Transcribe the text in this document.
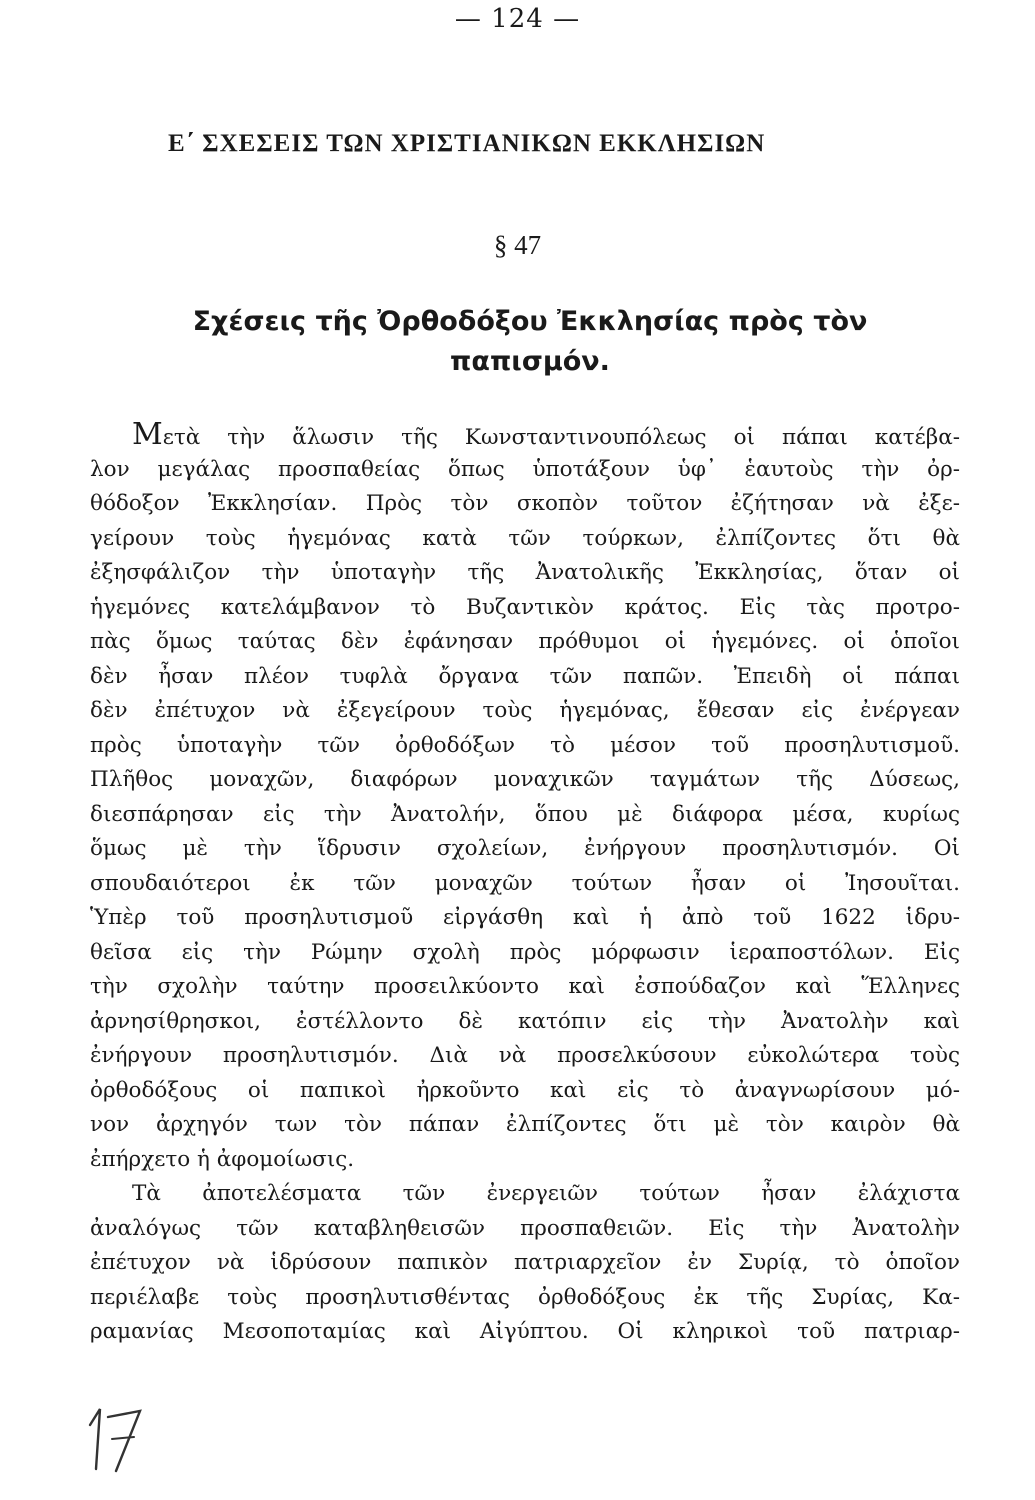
— 124 —
Ε΄ ΣΧΕΣΕΙΣ ΤΩΝ ΧΡΙΣΤΙΑΝΙΚΩΝ ΕΚΚΛΗΣΙΩΝ
§ 47
Σχέσεις τῆς Ὀρθοδόξου Ἐκκλησίας πρὸς τὸν
παπισμόν.
Μετὰ τὴν ἅλωσιν τῆς Κωνσταντινουπόλεως οἱ πάπαι κατέβα-
λον μεγάλας προσπαθείας ὅπως ὑποτάξουν ὑφ᾿ ἑαυτοὺς τὴν ὀρ-
θόδοξον Ἐκκλησίαν. Πρὸς τὸν σκοπὸν τοῦτον ἐζήτησαν νὰ ἐξε-
γείρουν τοὺς ἡγεμόνας κατὰ τῶν τούρκων, ἐλπίζοντες ὅτι θὰ
ἐξησφάλιζον τὴν ὑποταγὴν τῆς Ἀνατολικῆς Ἐκκλησίας, ὅταν οἱ
ἡγεμόνες κατελάμβανον τὸ Βυζαντικὸν κράτος. Εἰς τὰς προτρο-
πὰς ὅμως ταύτας δὲν ἐφάνησαν πρόθυμοι οἱ ἡγεμόνες. οἱ ὁποῖοι
δὲν ἦσαν πλέον τυφλὰ ὄργανα τῶν παπῶν. Ἐπειδὴ οἱ πάπαι
δὲν ἐπέτυχον νὰ ἐξεγείρουν τοὺς ἡγεμόνας, ἔθεσαν εἰς ἐνέργεαν
πρὸς ὑποταγὴν τῶν ὀρθοδόξων τὸ μέσον τοῦ προσηλυτισμοῦ.
Πλῆθος μοναχῶν, διαφόρων μοναχικῶν ταγμάτων τῆς Δύσεως,
διεσπάρησαν εἰς τὴν Ἀνατολήν, ὅπου μὲ διάφορα μέσα, κυρίως
ὅμως μὲ τὴν ἵδρυσιν σχολείων, ἐνήργουν προσηλυτισμόν. Οἱ
σπουδαιότεροι ἐκ τῶν μοναχῶν τούτων ἦσαν οἱ Ἰησουῖται.
Ὑπὲρ τοῦ προσηλυτισμοῦ εἰργάσθη καὶ ἡ ἀπὸ τοῦ 1622 ἱδρυ-
θεῖσα εἰς τὴν Ρώμην σχολὴ πρὸς μόρφωσιν ἱεραποστόλων. Εἰς
τὴν σχολὴν ταύτην προσειλκύοντο καὶ ἐσπούδαζον καὶ Ἕλληνες
ἀρνησίθρησκοι, ἐστέλλοντο δὲ κατόπιν εἰς τὴν Ἀνατολὴν καὶ
ἐνήργουν προσηλυτισμόν. Διὰ νὰ προσελκύσουν εὐκολώτερα τοὺς
ὀρθοδόξους οἱ παπικοὶ ἠρκοῦντο καὶ εἰς τὸ ἀναγνωρίσουν μό-
νον ἀρχηγόν των τὸν πάπαν ἐλπίζοντες ὅτι μὲ τὸν καιρὸν θὰ
ἐπήρχετο ἡ ἀφομοίωσις.
Τὰ ἀποτελέσματα τῶν ἐνεργειῶν τούτων ἦσαν ἐλάχιστα
ἀναλόγως τῶν καταβληθεισῶν προσπαθειῶν. Εἰς τὴν Ἀνατολὴν
ἐπέτυχον νὰ ἱδρύσουν παπικὸν πατριαρχεῖον ἐν Συρίᾳ, τὸ ὁποῖον
περιέλαβε τοὺς προσηλυτισθέντας ὀρθοδόξους ἐκ τῆς Συρίας, Κα-
ραμανίας Μεσοποταμίας καὶ Αἰγύπτου. Οἱ κληρικοὶ τοῦ πατριαρ-
